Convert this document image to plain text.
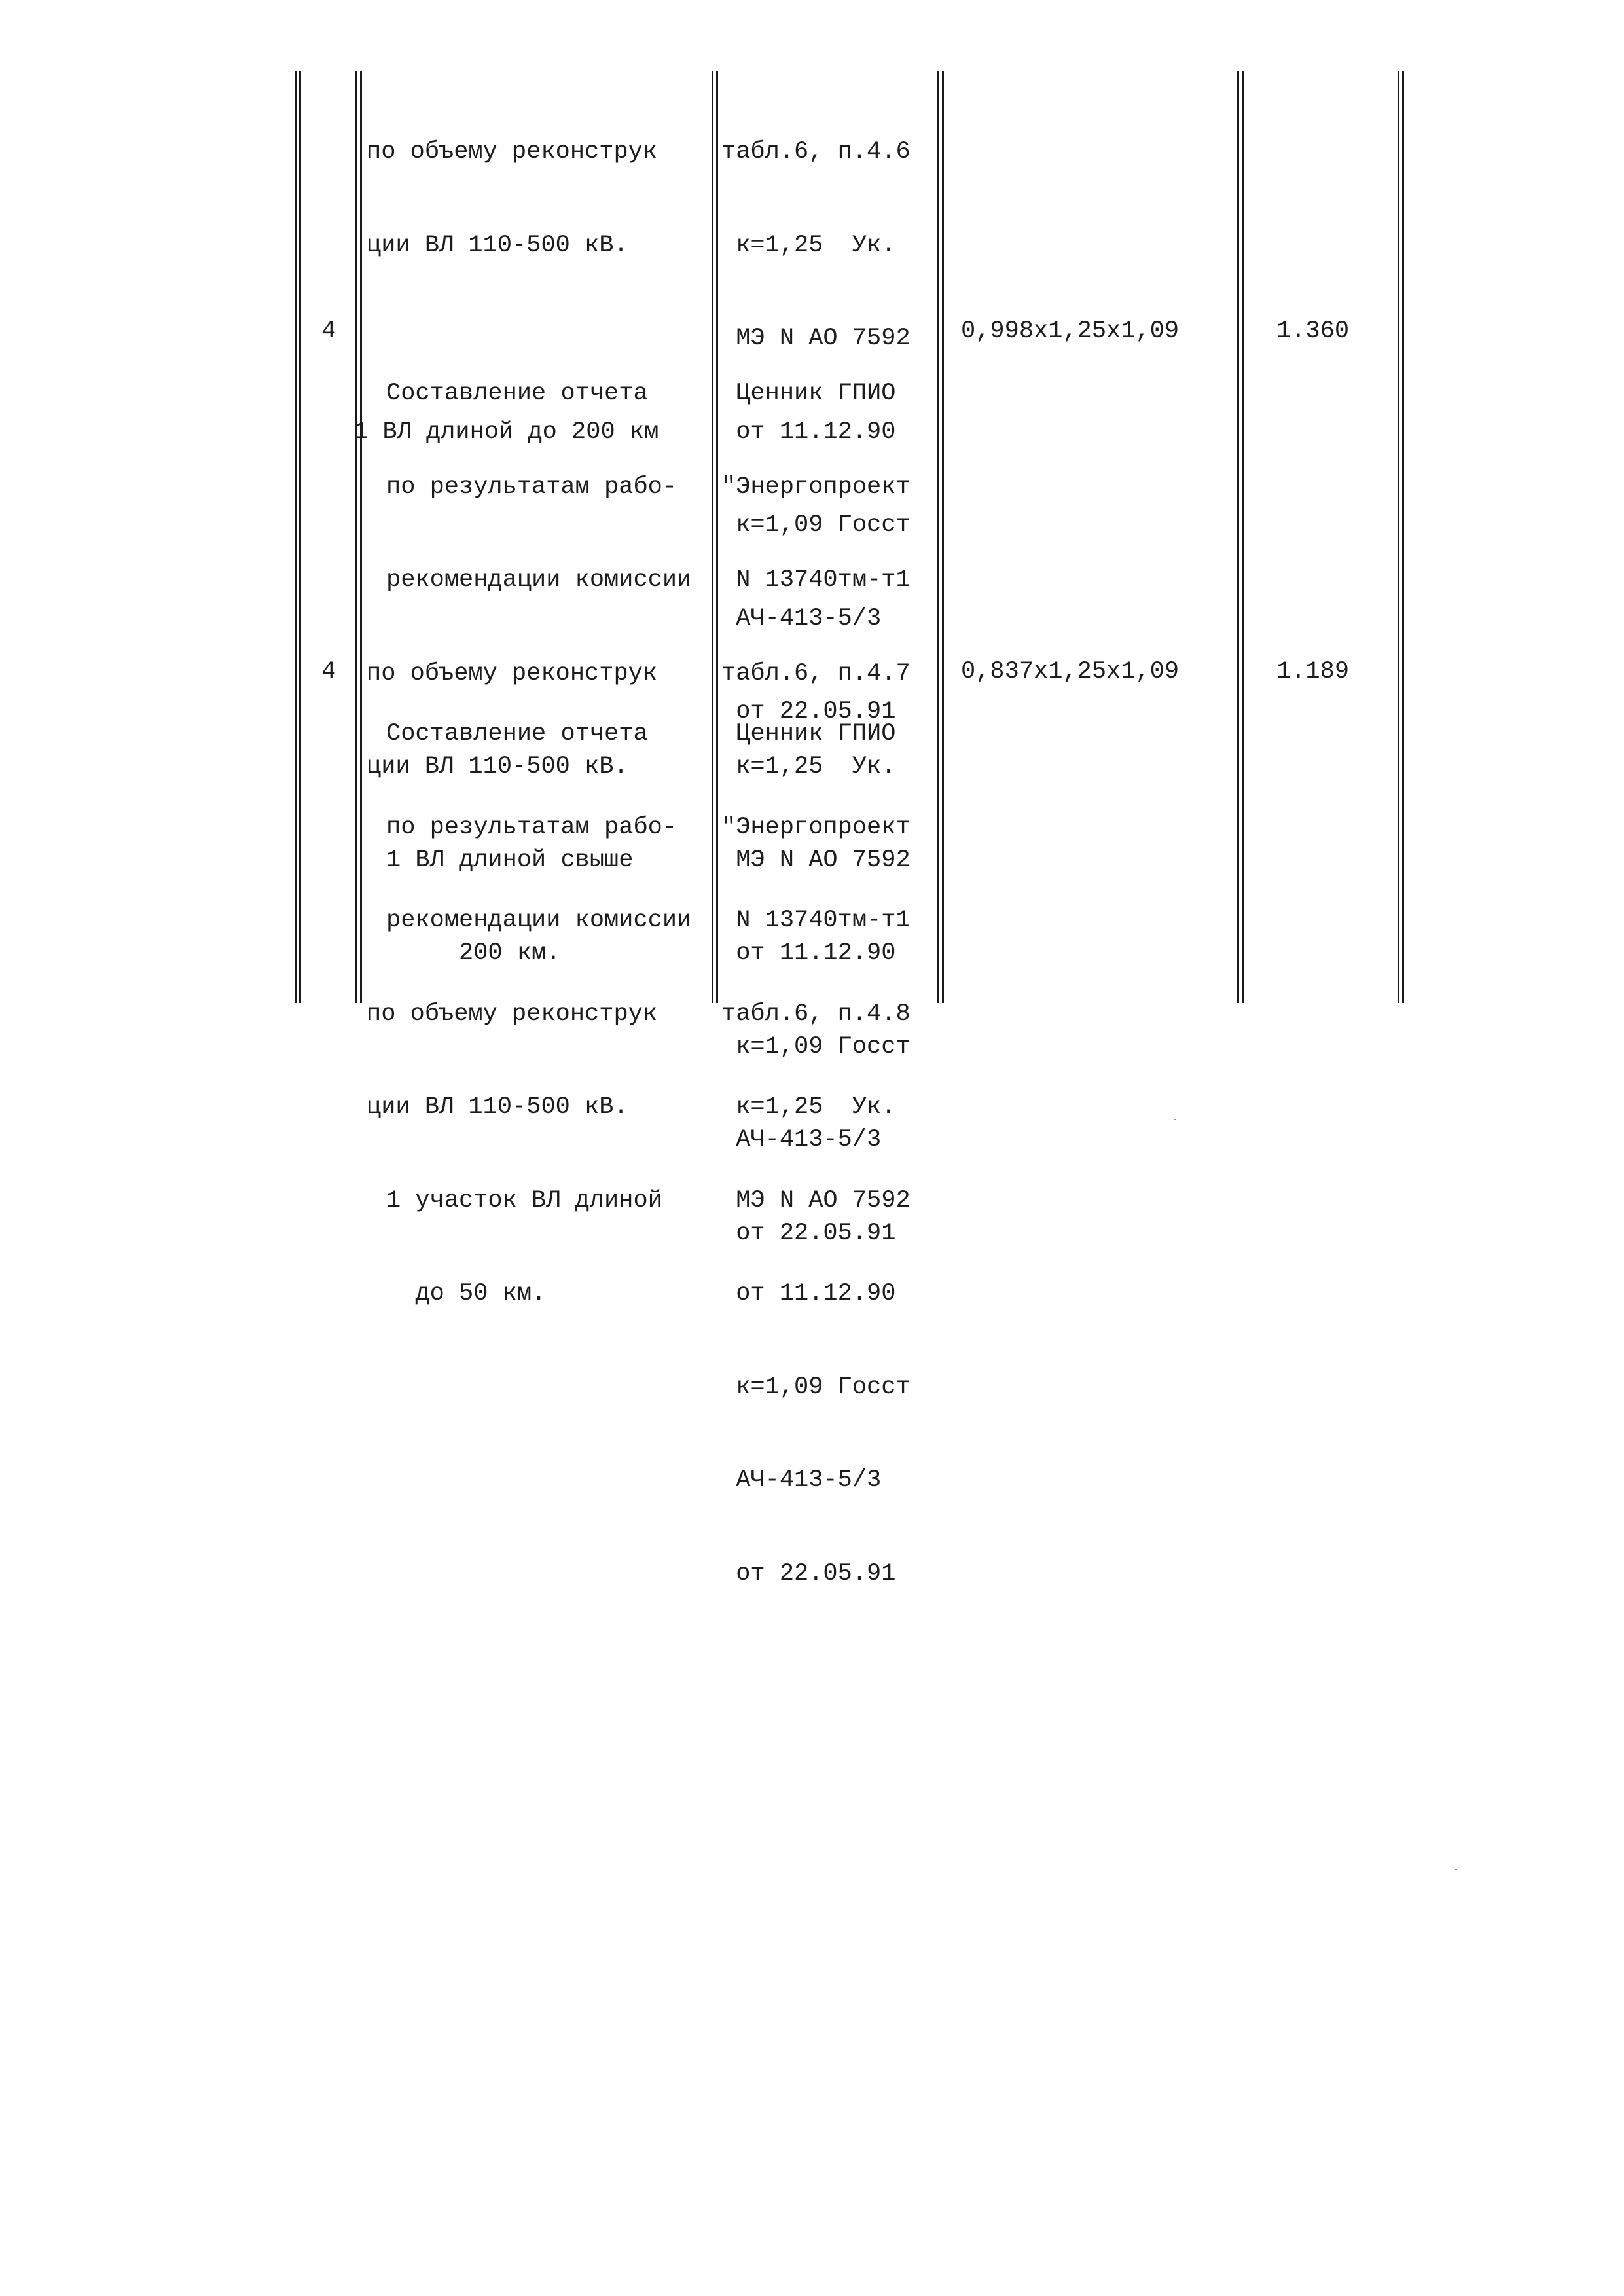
по объему реконструк

ции ВЛ 110-500 кВ.

1 ВЛ длиной до 200 км

табл.6, п.4.6

к=1,25  Ук.

МЭ N АО 7592

от 11.12.90

к=1,09 Госст

АЧ-413-5/3

от 22.05.91

4

Составление отчета

по результатам рабо-

рекомендации комиссии

по объему реконструк

ции ВЛ 110-500 кВ.

1 ВЛ длиной свыше

200 км.

Ценник ГПИО

"Энергопроект

N 13740тм-т1

табл.6, п.4.7

к=1,25  Ук.

МЭ N АО 7592

от 11.12.90

к=1,09 Госст

АЧ-413-5/3

от 22.05.91

0,998x1,25x1,09	1.360
4

Составление отчета

по результатам рабо-

рекомендации комиссии

по объему реконструк

ции ВЛ 110-500 кВ.

1 участок ВЛ длиной

до 50 км.

Ценник ГПИО

"Энергопроект

N 13740тм-т1

табл.6, п.4.8

к=1,25  Ук.

МЭ N АО 7592

от 11.12.90

к=1,09 Госст

АЧ-413-5/3

от 22.05.91

0,837x1,25x1,09	1.189
